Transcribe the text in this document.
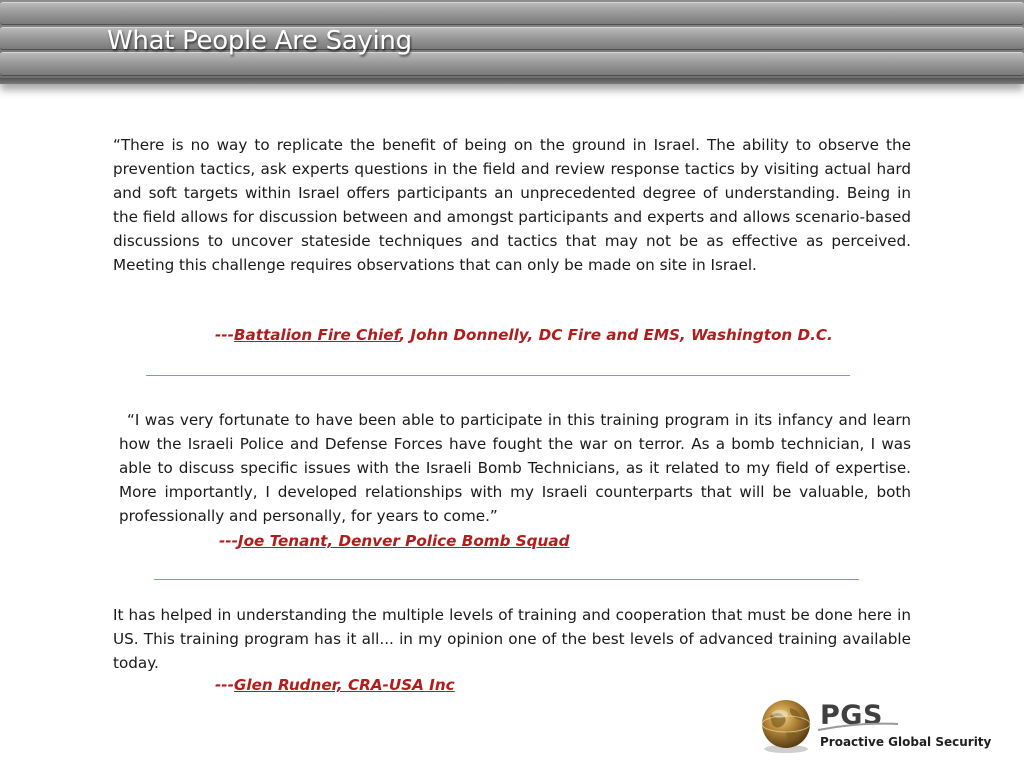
What People Are Saying

“There is no way to replicate the benefit of being on the ground in Israel. The ability to observe the prevention tactics, ask experts questions in the field and review response tactics by visiting actual hard and soft targets within Israel offers participants an unprecedented degree of understanding. Being in the field allows for discussion between and amongst participants and experts and allows scenario-based discussions to uncover stateside techniques and tactics that may not be as effective as perceived. Meeting this challenge requires observations that can only be made on site in Israel.

---Battalion Fire Chief, John Donnelly, DC Fire and EMS, Washington D.C.

“I was very fortunate to have been able to participate in this training program in its infancy and learn how the Israeli Police and Defense Forces have fought the war on terror. As a bomb technician, I was able to discuss specific issues with the Israeli Bomb Technicians, as it related to my field of expertise. More importantly, I developed relationships with my Israeli counterparts that will be valuable, both professionally and personally, for years to come.”

---Joe Tenant, Denver Police Bomb Squad

It has helped in understanding the multiple levels of training and cooperation that must be done here in US. This training program has it all... in my opinion one of the best levels of advanced training available today.

---Glen Rudner, CRA-USA Inc
PGS
Proactive Global Security
